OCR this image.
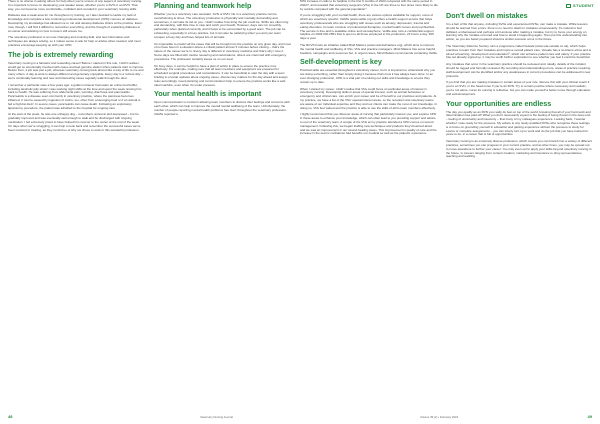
STUDENT

There is no shame in asking others for help when you're unsure of any aspect of veterinary nursing. It is important to focus on developing your weaker areas, whether you're a SVN or an RVN. That way, you can become more comfortable, confident and rounded in your veterinary nursing skills.

Diabetes was a weak area for me throughout my training, so I later decided to tackle my lack of knowledge and complete a few continuing professional development (CPD) courses on diabetes. Developing my knowledge has allowed me to run and develop diabetes clinics at the practice. Even now, though, I still find it difficult to remember everything, and the thought of explaining diabetes to an owner and advising on how to treat it still scares me.

The veterinary profession is an ever-changing and evolving field, and new information and techniques are always arising, so it makes sense to ask for help or advice when needed, and most practices encourage keeping up with your CPD.

The job is extremely rewarding

Veterinary nursing is a fantastic and rewarding career! Before I started in this role, I didn't realise I would get so emotionally involved with cases and feel genuine elation when patients start to improve. Before then, a job was just a job, whereas veterinary nursing feels almost like a way of life to me and many others. A day at work is always different and genuinely enjoyable. Every day is a 'school day' – we're continually learning and new and interesting cases regularly walk through the door.

I remember a particular case a few years ago: a golden retriever had eaten an entire food buffet, including alcoholic jelly shots! I was working night shifts at the time and spent the week nursing him back to health. He was suffering from abdominal pain, vomiting, diarrhoea and pancreatitis. Pancreatitis is a disease seen commonly in veterinary practice, where the pancreas becomes inflamed. It can be caused by ingestion of toxins, too, often from scavenging food or if an animal is fed a high-fat diet¹². In severe cases, pancreatitis can cause death. Following an exploratory laparotomy procedure, the patient was admitted to the hospital for ongoing care.

At the start of the week, he was one unhappy dog – recumbent, anorexic and depressed – but he gradually improved and was eventually well enough to walk and be discharged with ongoing medication. I felt extremely proud to have helped him recover to the owner at the end of the week. On days when we're struggling, it can help to look back and remember the successful cases we've been involved in treating, as they remind us of why we chose to work in this wonderful profession.

Planning and teamwork help

Whether you're a veterinary care assistant, SVN or RVN, life in a veterinary practice can be overwhelming at times. The veterinary profession is physically and mentally demanding and, sometimes, it can take its toll on you. I didn't realise how tiring the job could be. Shifts are often long and demanding, with little time to stop and catch your breath. However, days can run smoothly, particularly when planned correctly, and it helps to be surrounded by a good team. The job can be exhausting, especially in a busy practice, but it can also be satisfying when you and your team conquer a busy day and have helped lots of animals.

It's impossible to predict all the cases that will be brought into the practice on any given day, and most of us have been in a situation where a critical patient arrives 5 minutes before closing – that's the nature of the career we're in. Every day is different in veterinary medicine and that's why I love it. Some days are filled with routine neutering and vaccinations; others are crammed with emergency procedures. The profession certainly keeps us on our toes!

On busy days, it can be helpful to have a plan of action in place to ensure the practice runs effectively. For example, making sure that all team members and equipment are prepared for scheduled surgical procedures and consultations. It can be beneficial to start the day with a team briefing to provide updates about ongoing cases, discuss key matters for the day ahead and assign roles accordingly. Good planning and communication help to ensure the practice works like a well-oiled machine, even when it's under pressure.

Your mental health is important

Open communication is crucial in allowing team members to discuss their feelings and concerns with each other, which can help to improve the overall mental wellbeing of the team. Unfortunately, the number of people reporting mental health problems has risen throughout the veterinary profession. VetMis reported a

50% increase in calls to its helpline in the first 9 months of 2023 compared with the same period in 2022²³, and revealed that veterinary surgeons (VSs) in the UK are three to four times more likely to die by suicide compared with the general population⁴.

If you're struggling with your mental health, there are various options available for support, some of which are veterinary specific. VetMis (www.vetlife.org.uk) offers a health support service that helps veterinary professionals who are struggling with issues such as anxiety, depression, trauma and eating disorders. Its team consists of professional therapists, mental health nurses and psychiatrists. The service is free and is available online and via telephone. Vetlife also runs a confidential support helpline on 0303 040 2551 that is open to all those employed in the profession, 24 hours a day, 365 days a year.

The RCVS funds an initiative called Mind Matters (www.vetmindmatters.org), which aims to improve the mental health and wellbeing of VSs, VNs and practice managers. Mind Matters has some helpful booklets, campaigns and resources but, in urgent cases, Mind Matters recommends contacting Vetlife.

Self-development is key

Practical skills are essential throughout a veterinary career, but it is important to understand why you are doing something, rather than simply doing it because that's how it has always been done. In an ever-changing profession, CPD is a vital part of evolving our skills and knowledge to ensure they remain up to date.

When I started my career, I didn't realise that VNs could focus on particular areas of interest in veterinary nursing. Developing skills in areas of special interest, such as animal behaviour or emergency and critical care, can enrich your career and be of benefit to our practices and patients. At my practice, we have a list of the VNs' special interest areas, so the reception and veterinary teams are aware of our individual expertise and they and our clients can make the most of our knowledge. In doing so, VNs feel valued and the practice is able to use the skills of all its team members effectively.

I highly recommend that you discover areas of nursing that particularly interest you, and explore CPD in these areas to enhance your knowledge, which can often lead to you providing support and advice to rest of the veterinary team. A couple of the VNs at my practice attended a CPD course on wound management. Following this, we began trialling new techniques and products they'd learned about and we saw an improvement in our wound-healing cases. This improvement in quality of care and the increase in the team's confidence had benefits our medical as well as the patients' experience.

Don't dwell on mistakes

It is a fact of life that anyone, including SVNs and experienced RVNs, can make a mistake. While lessons should be learned from errors, there is no need to dwell on mistakes unnecessarily. It's natural to feel deflated, embarrassed and perhaps a bit anxious after making a mistake, but try to focus your energy on learning why the mistake occurred and how to avoid it happening again. Then put this understanding into action, so you are better prepared should a similar scenario occur in the future.

The Veterinary Defence Society runs a programme called Vetsafe (www.vds-vetsafe.co.uk), which helps practices to learn from their mistakes and improve overall patient care. Vetsafe has a no-blame ethos and is aimed at learning, development and education⁵, which can enhance patient care and safety. If your practice has not already signed up, it may be worth further exploration to see whether you feel it could be beneficial.

Any mistakes that occur in the veterinary practice should be reviewed and, ideally, details of the incident should be logged and formally reviewed. By recording and understanding errors, areas of practice requiring staff development can be identified and/or any weaknesses in current procedures can be addressed in new protocols.

If you find that you are making mistakes in certain areas of your role, discuss this with your clinical coach if you're an SVN, or the head nurse if you're an RVN. Try to remain positive where necessary and realistic; you're not alone; nurse for nursing is reflective, but you can make yourself a better nurse through education and self-development.

Your opportunities are endless

The day you qualify as an RVN you really do feel on top of the world, knowing that all of your hard work and determination has paid off! What you don't necessarily expect is the feeling of being thrown in the deep end – feeling of uncertainty and insecurity – that many of my colleagues experience. Looking back, I wonder whether I was ready for the pressure. My advice to any newly qualified RVNs who recognise these feelings is to focus on grounding yourself in education and gaining experience without the pressure to study for exams or complete assignments – you can simply turn up to work and do the job that you have trained for years to do, in a career that is full of opportunities.

Veterinary nursing is an extremely diverse profession, which means you can branch into a variety of different practices, sometimes you can progress in your current practice, and at other times, you may be spread out to move elsewhere to further your career. You may even opt to apply your skills beyond veterinary nursing in the future, in careers ranging from content creation, marketing and insurance to drug representatives, teaching and auditing.

48	Veterinary Nursing Journal	Volume 39 (2) • February 2024	49
